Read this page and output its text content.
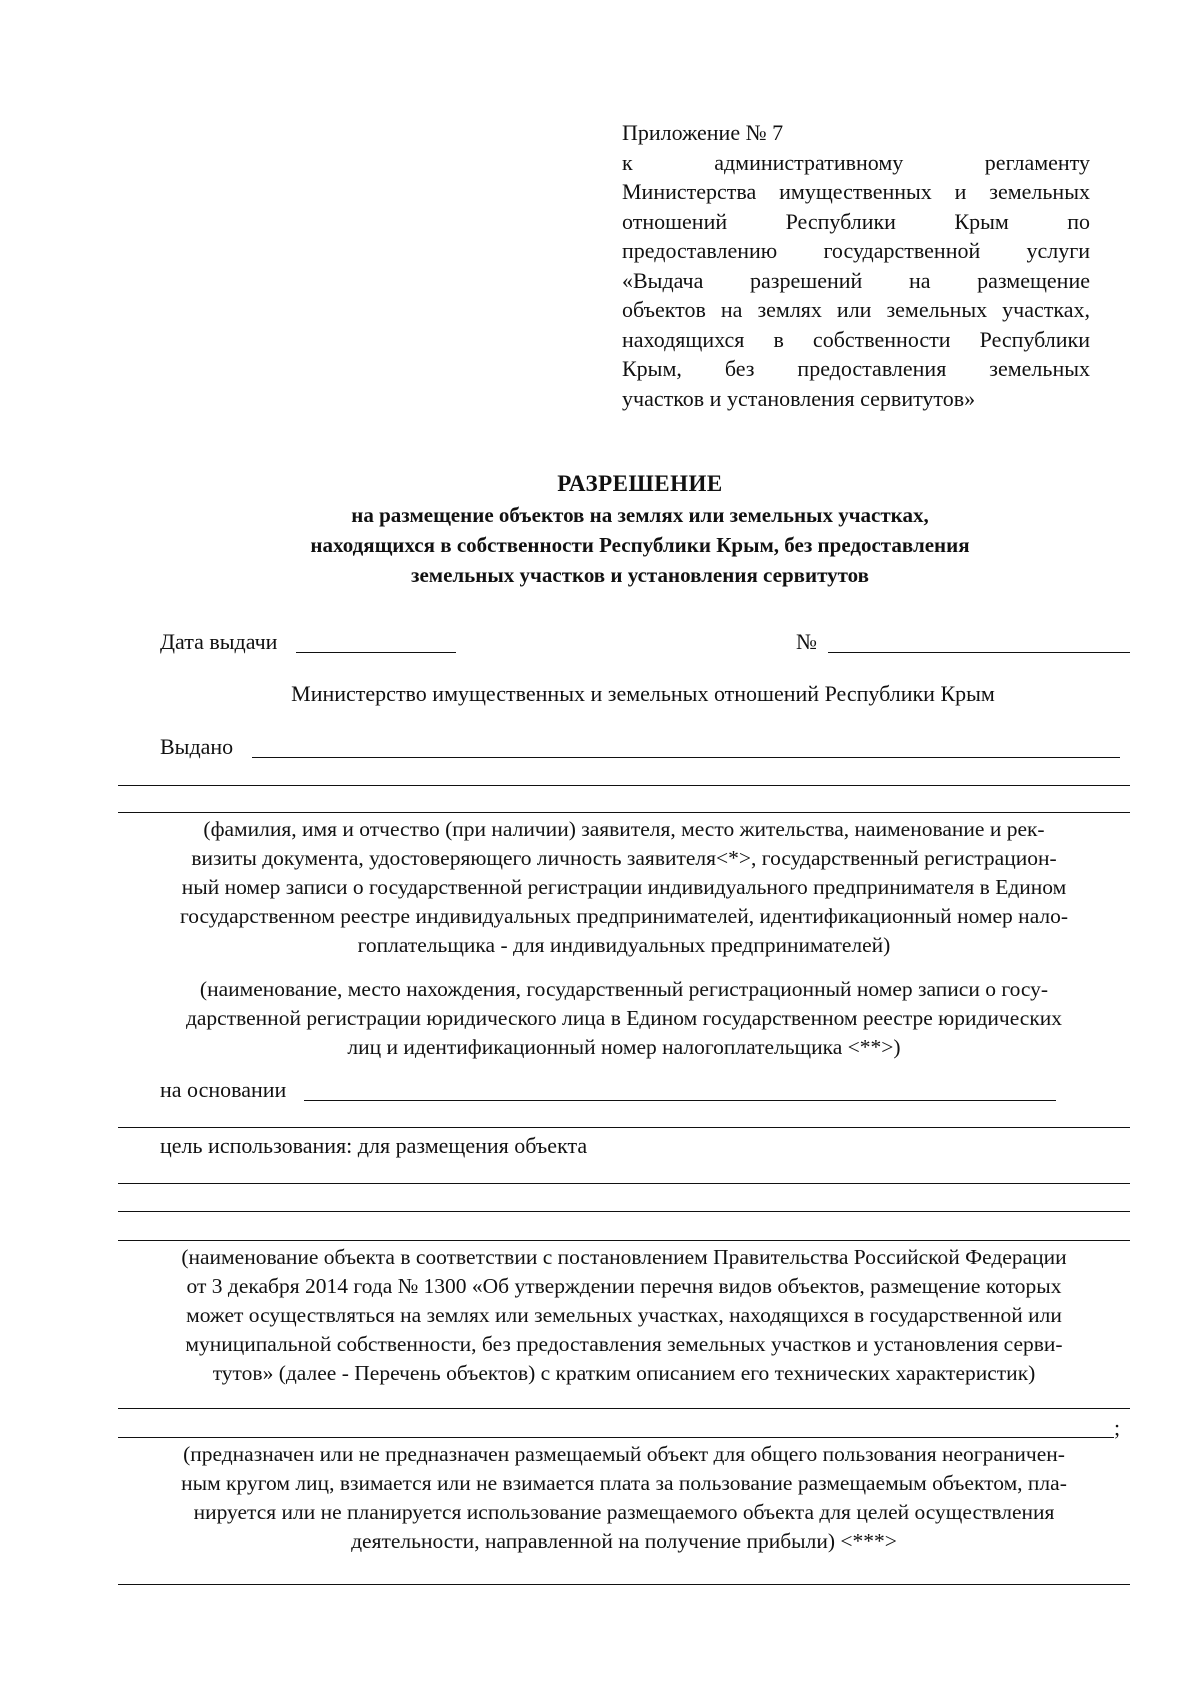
Приложение № 7
к административному регламенту
Министерства имущественных и земельных
отношений Республики Крым по
предоставлению государственной услуги
«Выдача разрешений на размещение
объектов на землях или земельных участках,
находящихся в собственности Республики
Крым, без предоставления земельных
участков и установления сервитутов»
РАЗРЕШЕНИЕ
на размещение объектов на землях или земельных участках,
находящихся в собственности Республики Крым, без предоставления
земельных участков и установления сервитутов
Дата выдачи	№
Министерство имущественных и земельных отношений Республики Крым
Выдано
(фамилия, имя и отчество (при наличии) заявителя, место жительства, наименование и рек-
визиты документа, удостоверяющего личность заявителя<*>, государственный регистрацион-
ный номер записи о государственной регистрации индивидуального предпринимателя в Едином
государственном реестре индивидуальных предпринимателей, идентификационный номер нало-
гоплательщика - для индивидуальных предпринимателей)
(наименование, место нахождения, государственный регистрационный номер записи о госу-
дарственной регистрации юридического лица в Едином государственном реестре юридических
лиц и идентификационный номер налогоплательщика <**>)
на основании
цель использования: для размещения объекта
(наименование объекта в соответствии с постановлением Правительства Российской Федерации
от 3 декабря 2014 года № 1300 «Об утверждении перечня видов объектов, размещение которых
может осуществляться на землях или земельных участках, находящихся в государственной или
муниципальной собственности, без предоставления земельных участков и установления серви-
тутов» (далее - Перечень объектов) с кратким описанием его технических характеристик)
;
(предназначен или не предназначен размещаемый объект для общего пользования неограничен-
ным кругом лиц, взимается или не взимается плата за пользование размещаемым объектом, пла-
нируется или не планируется использование размещаемого объекта для целей осуществления
деятельности, направленной на получение прибыли) <***>
